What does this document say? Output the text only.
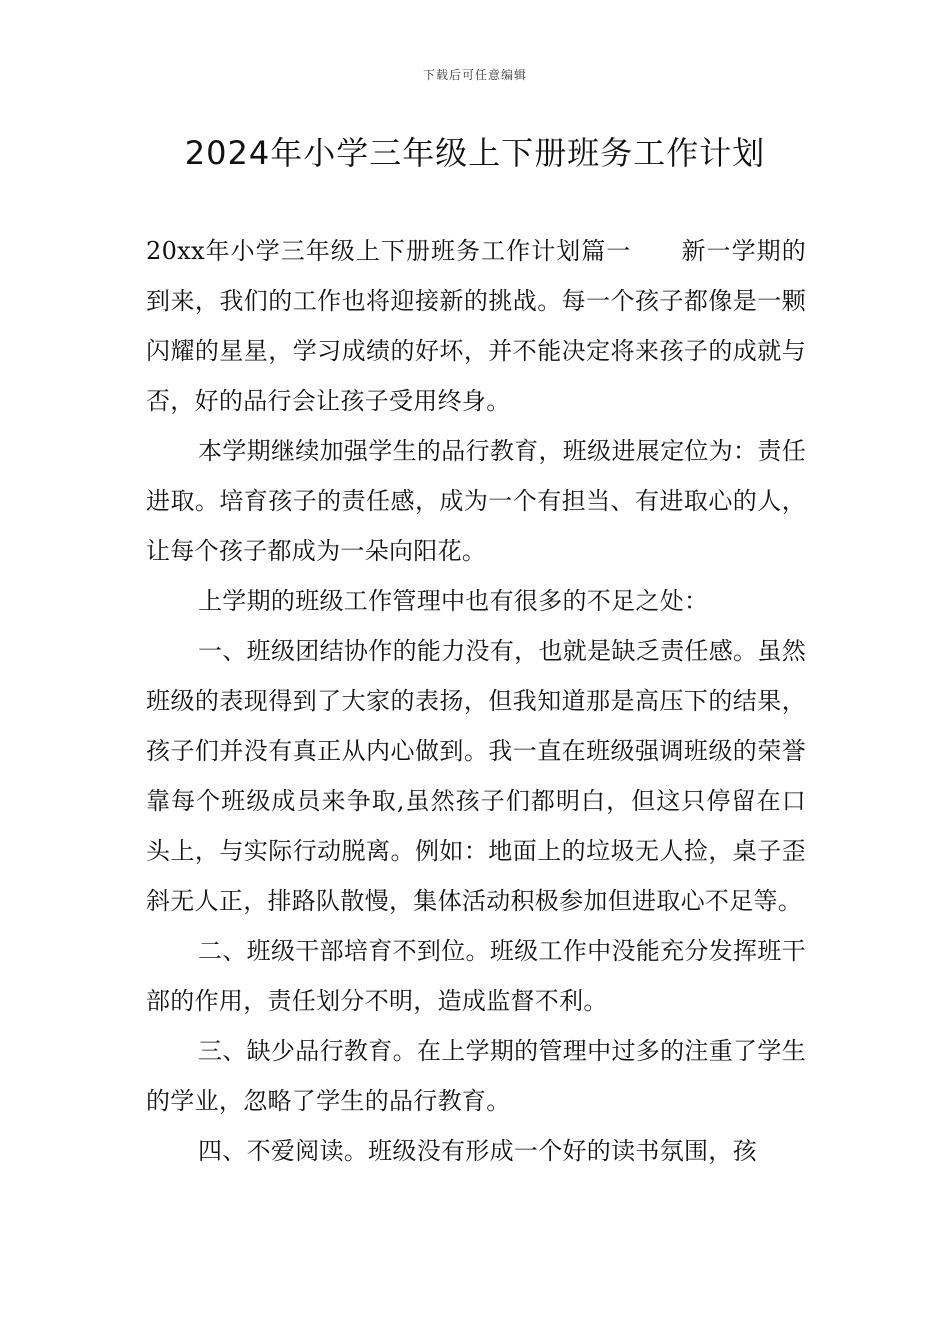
下载后可任意编辑
2024年小学三年级上下册班务工作计划

20xx年小学三年级上下册班务工作计划篇一　　新一学期的到来，我们的工作也将迎接新的挑战。每一个孩子都像是一颗闪耀的星星，学习成绩的好坏，并不能决定将来孩子的成就与否，好的品行会让孩子受用终身。

本学期继续加强学生的品行教育，班级进展定位为：责任 进取。培育孩子的责任感，成为一个有担当、有进取心的人，让每个孩子都成为一朵向阳花。

上学期的班级工作管理中也有很多的不足之处：

一、班级团结协作的能力没有，也就是缺乏责任感。虽然班级的表现得到了大家的表扬，但我知道那是高压下的结果，孩子们并没有真正从内心做到。我一直在班级强调班级的荣誉靠每个班级成员来争取,虽然孩子们都明白，但这只停留在口头上，与实际行动脱离。例如：地面上的垃圾无人捡，桌子歪斜无人正，排路队散慢，集体活动积极参加但进取心不足等。

二、班级干部培育不到位。班级工作中没能充分发挥班干部的作用，责任划分不明，造成监督不利。

三、缺少品行教育。在上学期的管理中过多的注重了学生的学业，忽略了学生的品行教育。

四、不爱阅读。班级没有形成一个好的读书氛围，孩
